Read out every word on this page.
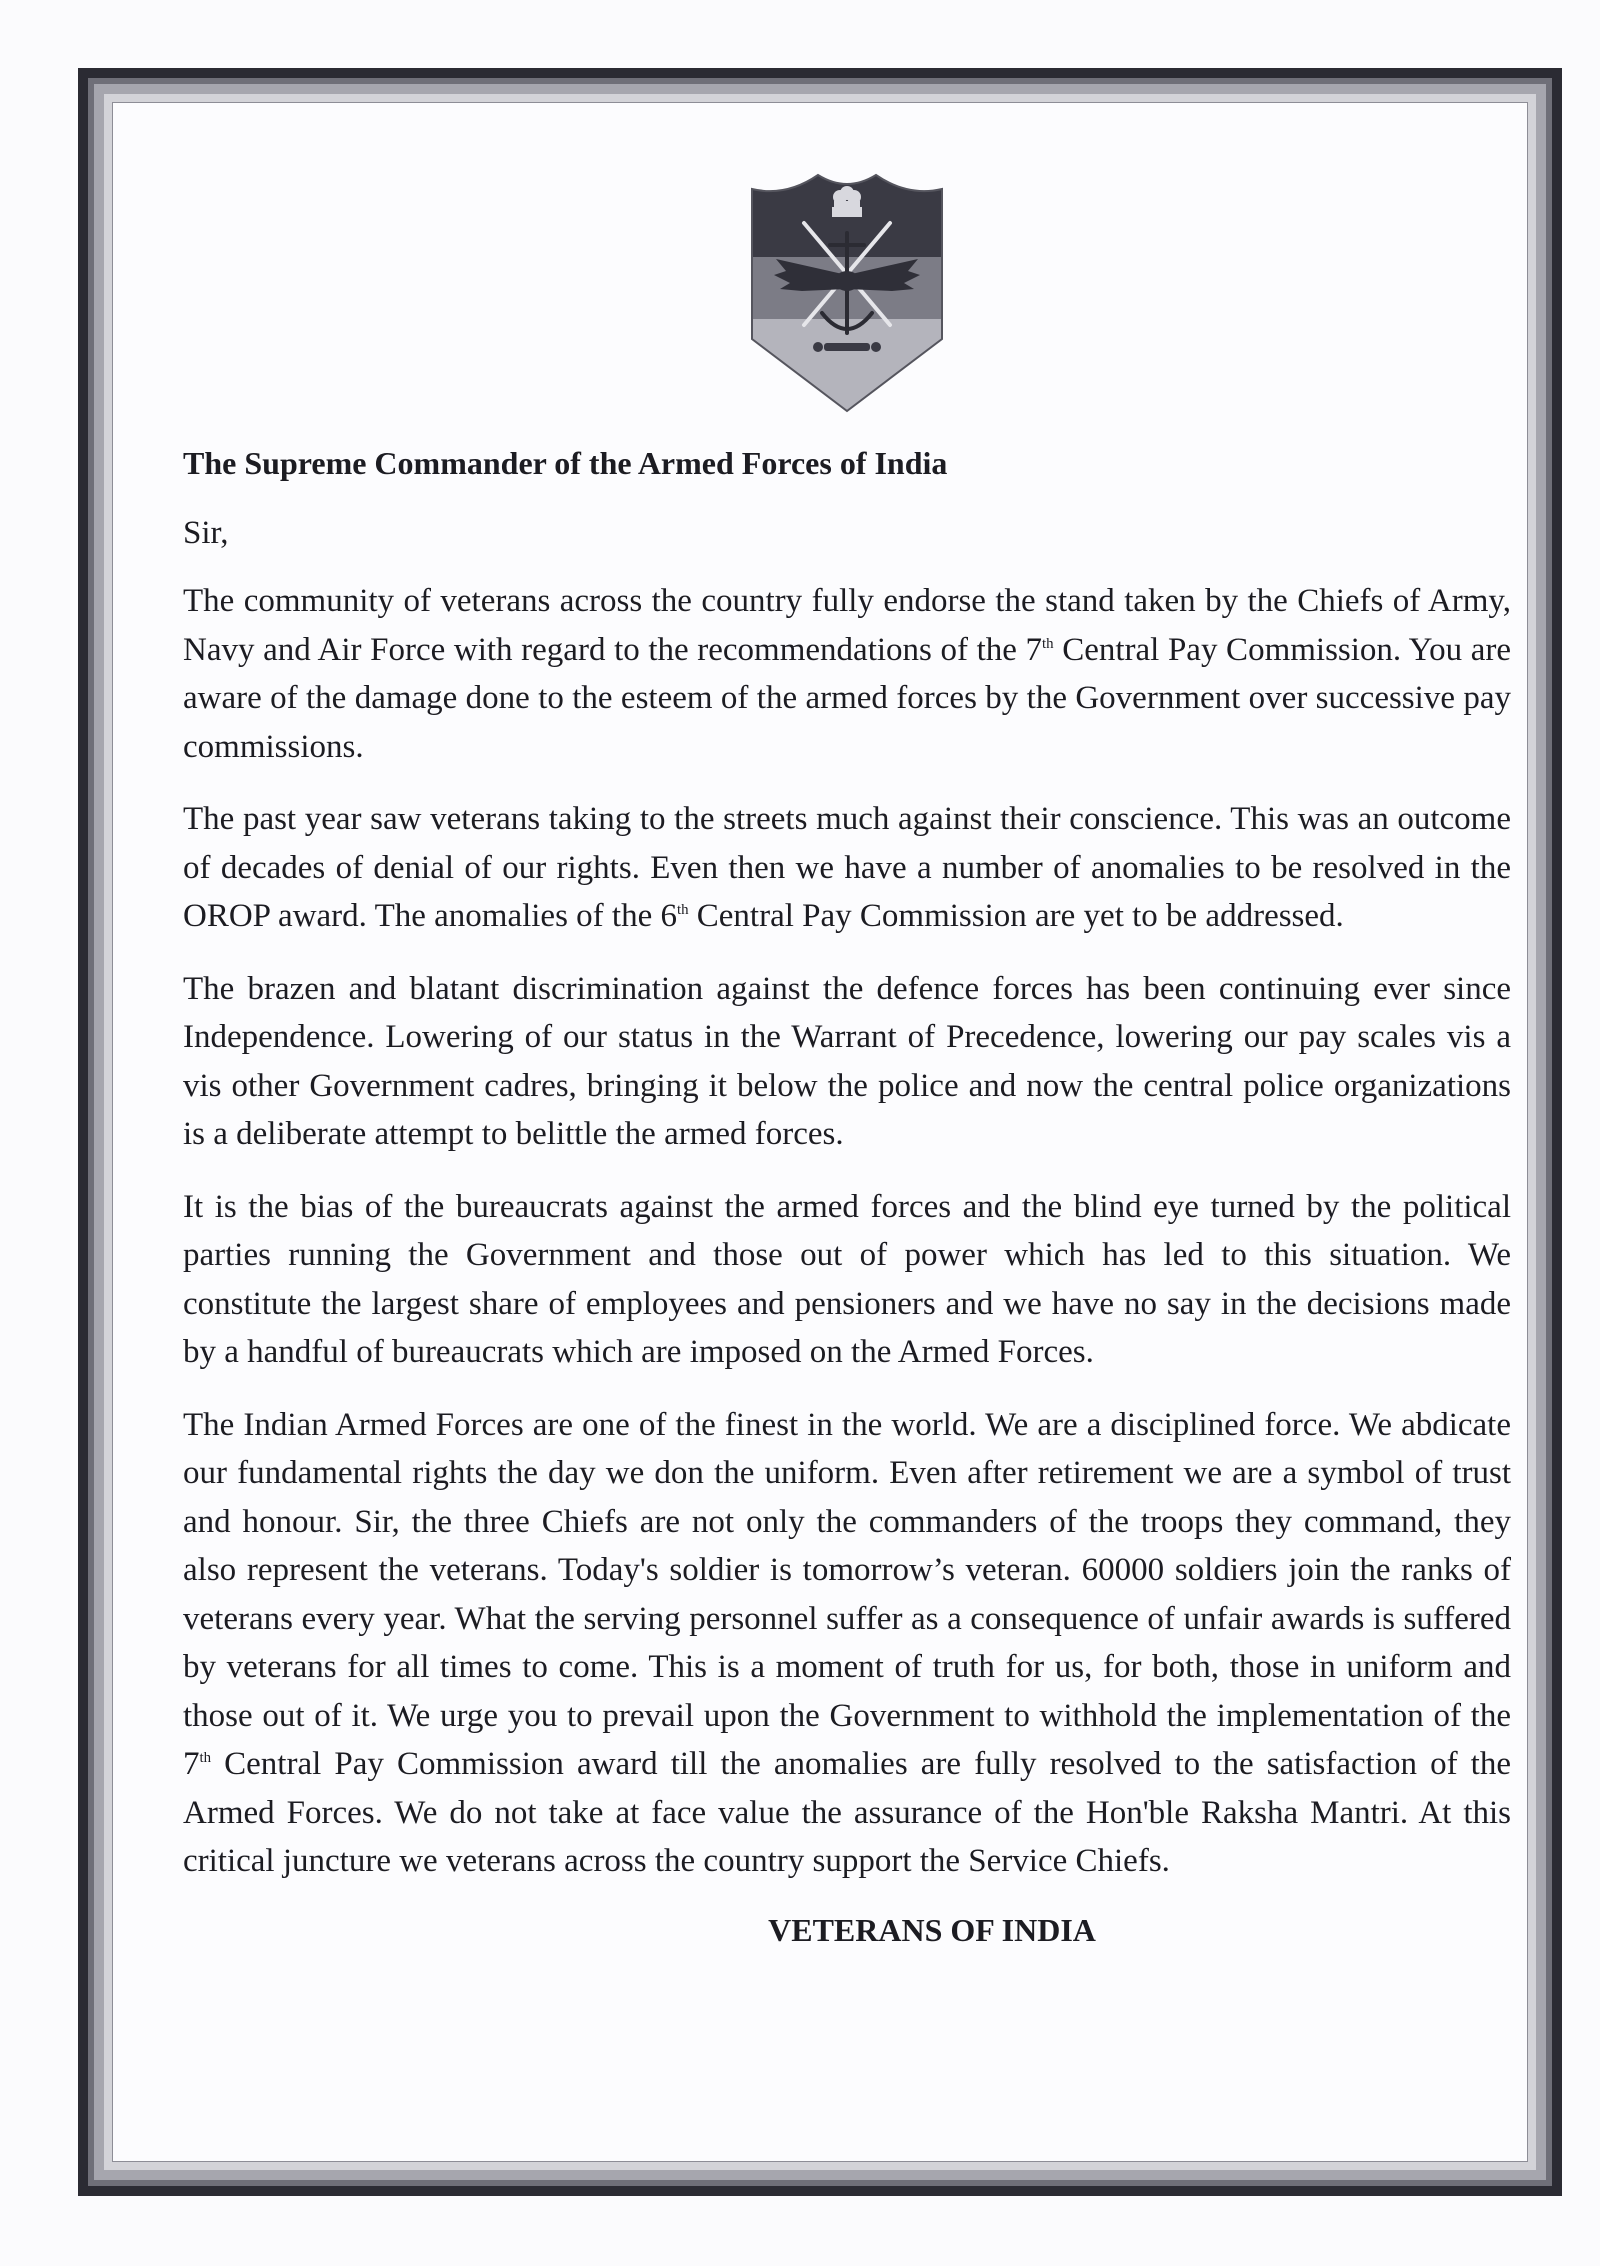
The Supreme Commander of the Armed Forces of India
Sir,

The community of veterans across the country fully endorse the stand taken by the Chiefs of Army, Navy and Air Force with regard to the recommendations of the 7th Central Pay Commission. You are aware of the damage done to the esteem of the armed forces by the Government over successive pay commissions.

The past year saw veterans taking to the streets much against their conscience. This was an outcome of decades of denial of our rights. Even then we have a number of anomalies to be resolved in the OROP award. The anomalies of the 6th Central Pay Commission are yet to be addressed.

The brazen and blatant discrimination against the defence forces has been continuing ever since Independence. Lowering of our status in the Warrant of Precedence, lowering our pay scales vis a vis other Government cadres, bringing it below the police and now the central police organizations is a deliberate attempt to belittle the armed forces.

It is the bias of the bureaucrats against the armed forces and the blind eye turned by the political parties running the Government and those out of power which has led to this situation. We constitute the largest share of employees and pensioners and we have no say in the decisions made by a handful of bureaucrats which are imposed on the Armed Forces.

The Indian Armed Forces are one of the finest in the world. We are a disciplined force. We abdicate our fundamental rights the day we don the uniform. Even after retirement we are a symbol of trust and honour. Sir, the three Chiefs are not only the commanders of the troops they command, they also represent the veterans. Today's soldier is tomorrow’s veteran. 60000 soldiers join the ranks of veterans every year. What the serving personnel suffer as a consequence of unfair awards is suffered by veterans for all times to come. This is a moment of truth for us, for both, those in uniform and those out of it. We urge you to prevail upon the Government to withhold the implementation of the 7th Central Pay Commission award till the anomalies are fully resolved to the satisfaction of the Armed Forces. We do not take at face value the assurance of the Hon'ble Raksha Mantri. At this critical juncture we veterans across the country support the Service Chiefs.

VETERANS OF INDIA
